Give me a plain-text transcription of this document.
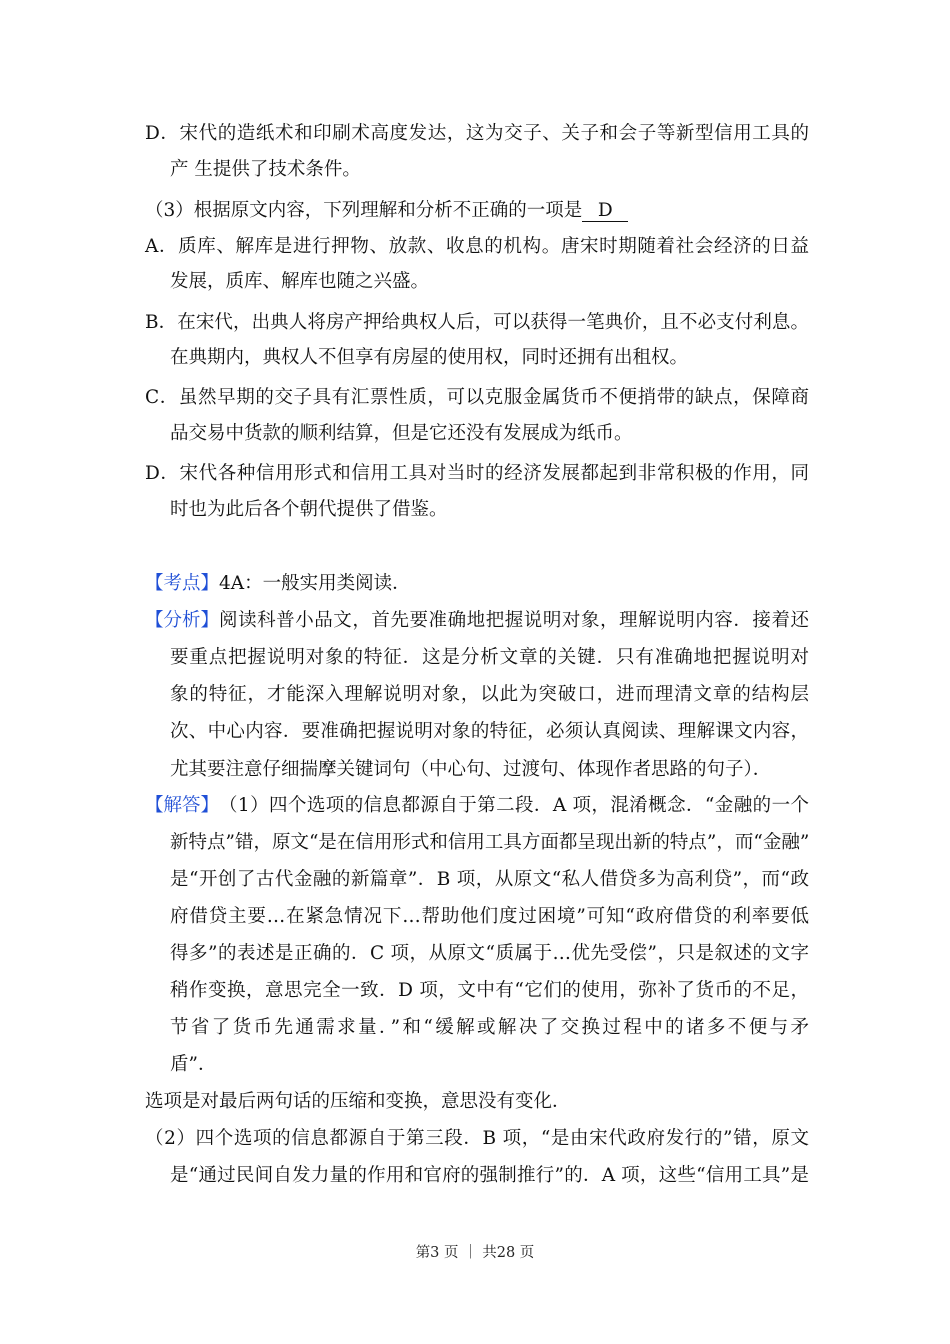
D．宋代的造纸术和印刷术高度发达，这为交子、关子和会子等新型信用工具的

产 生提供了技术条件。

（3）根据原文内容，下列理解和分析不正确的一项是 D

A．质库、解库是进行押物、放款、收息的机构。唐宋时期随着社会经济的日益

发展，质库、解库也随之兴盛。

B．在宋代，出典人将房产押给典权人后，可以获得一笔典价，且不必支付利息。

在典期内，典权人不但享有房屋的使用权，同时还拥有出租权。

C．虽然早期的交子具有汇票性质，可以克服金属货币不便捎带的缺点，保障商

品交易中货款的顺利结算，但是它还没有发展成为纸币。

D．宋代各种信用形式和信用工具对当时的经济发展都起到非常积极的作用，同

时也为此后各个朝代提供了借鉴。

【考点】4A：一般实用类阅读．

【分析】 阅读科普小品文，首先要准确地把握说明对象，理解说明内容．接着还

要重点把握说明对象的特征．这是分析文章的关键．只有准确地把握说明对

象的特征，才能深入理解说明对象，以此为突破口，进而理清文章的结构层

次、中心内容．要准确把握说明对象的特征，必须认真阅读、理解课文内容，

尤其要注意仔细揣摩关键词句（中心句、过渡句、体现作者思路的句子）．

【解答】 （1）四个选项的信息都源自于第二段．A 项，混淆概念．“金融的一个

新特点”错，原文“是在信用形式和信用工具方面都呈现出新的特点”，而“金融”

是“开创了古代金融的新篇章”．B 项，从原文“私人借贷多为高利贷”，而“政

府借贷主要…在紧急情况下…帮助他们度过困境”可知“政府借贷的利率要低

得多”的表述是正确的．C 项，从原文“质属于…优先受偿”，只是叙述的文字

稍作变换，意思完全一致．D 项，文中有“它们的使用，弥补了货币的不足，

节省了货币先通需求量．”和“缓解或解决了交换过程中的诸多不便与矛

盾”．

选项是对最后两句话的压缩和变换，意思没有变化．

（2）四个选项的信息都源自于第三段．B 项，“是由宋代政府发行的”错，原文

是“通过民间自发力量的作用和官府的强制推行”的．A 项，这些“信用工具”是

第3 页 ｜ 共28 页
